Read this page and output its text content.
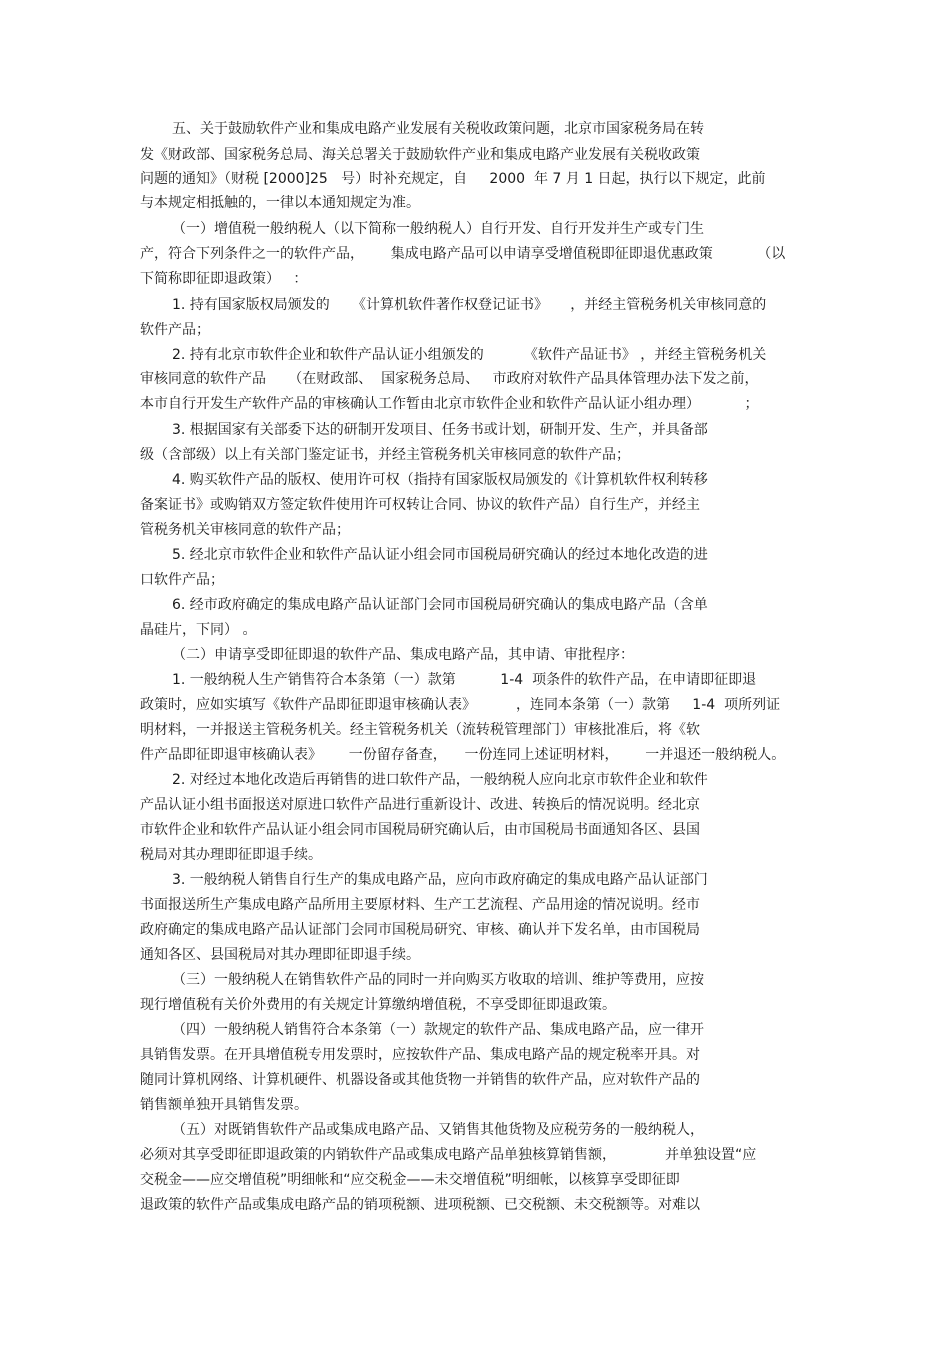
五、关于鼓励软件产业和集成电路产业发展有关税收政策问题，北京市国家税务局在转
发《财政部、国家税务总局、海关总署关于鼓励软件产业和集成电路产业发展有关税收政策
问题的通知》（财税 [2000]25   号）时补充规定，自     2000  年 7 月 1 日起，执行以下规定，此前
与本规定相抵触的，一律以本通知规定为准。
（一）增值税一般纳税人（以下简称一般纳税人）自行开发、自行开发并生产或专门生
产，符合下列条件之一的软件产品，      集成电路产品可以申请享受增值税即征即退优惠政策          （以
下简称即征即退政策）   ：
1. 持有国家版权局颁发的     《计算机软件著作权登记证书》     ，并经主管税务机关审核同意的
软件产品；
2. 持有北京市软件企业和软件产品认证小组颁发的         《软件产品证书》 ，并经主管税务机关
审核同意的软件产品     （在财政部、  国家税务总局、   市政府对软件产品具体管理办法下发之前，
本市自行开发生产软件产品的审核确认工作暂由北京市软件企业和软件产品认证小组办理）          ；
3. 根据国家有关部委下达的研制开发项目、任务书或计划，研制开发、生产，并具备部
级（含部级）以上有关部门鉴定证书，并经主管税务机关审核同意的软件产品；
4. 购买软件产品的版权、使用许可权（指持有国家版权局颁发的《计算机软件权利转移
备案证书》或购销双方签定软件使用许可权转让合同、协议的软件产品）自行生产，并经主
管税务机关审核同意的软件产品；
5. 经北京市软件企业和软件产品认证小组会同市国税局研究确认的经过本地化改造的进
口软件产品；
6. 经市政府确定的集成电路产品认证部门会同市国税局研究确认的集成电路产品（含单
晶硅片，下同） 。
（二）申请享受即征即退的软件产品、集成电路产品，其申请、审批程序：
1. 一般纳税人生产销售符合本条第（一）款第          1-4  项条件的软件产品，在申请即征即退
政策时，应如实填写《软件产品即征即退审核确认表》         ，连同本条第（一）款第     1-4  项所列证
明材料，一并报送主管税务机关。经主管税务机关（流转税管理部门）审核批准后，将《软
件产品即征即退审核确认表》      一份留存备查，    一份连同上述证明材料，      一并退还一般纳税人。
2. 对经过本地化改造后再销售的进口软件产品，一般纳税人应向北京市软件企业和软件
产品认证小组书面报送对原进口软件产品进行重新设计、改进、转换后的情况说明。经北京
市软件企业和软件产品认证小组会同市国税局研究确认后，由市国税局书面通知各区、县国
税局对其办理即征即退手续。
3. 一般纳税人销售自行生产的集成电路产品，应向市政府确定的集成电路产品认证部门
书面报送所生产集成电路产品所用主要原材料、生产工艺流程、产品用途的情况说明。经市
政府确定的集成电路产品认证部门会同市国税局研究、审核、确认并下发名单，由市国税局
通知各区、县国税局对其办理即征即退手续。
（三）一般纳税人在销售软件产品的同时一并向购买方收取的培训、维护等费用，应按
现行增值税有关价外费用的有关规定计算缴纳增值税，不享受即征即退政策。
（四）一般纳税人销售符合本条第（一）款规定的软件产品、集成电路产品，应一律开
具销售发票。在开具增值税专用发票时，应按软件产品、集成电路产品的规定税率开具。对
随同计算机网络、计算机硬件、机器设备或其他货物一并销售的软件产品，应对软件产品的
销售额单独开具销售发票。
（五）对既销售软件产品或集成电路产品、又销售其他货物及应税劳务的一般纳税人，
必须对其享受即征即退政策的内销软件产品或集成电路产品单独核算销售额，           并单独设置“应
交税金——应交增值税”明细帐和“应交税金——未交增值税”明细帐，以核算享受即征即
退政策的软件产品或集成电路产品的销项税额、进项税额、已交税额、未交税额等。对难以
